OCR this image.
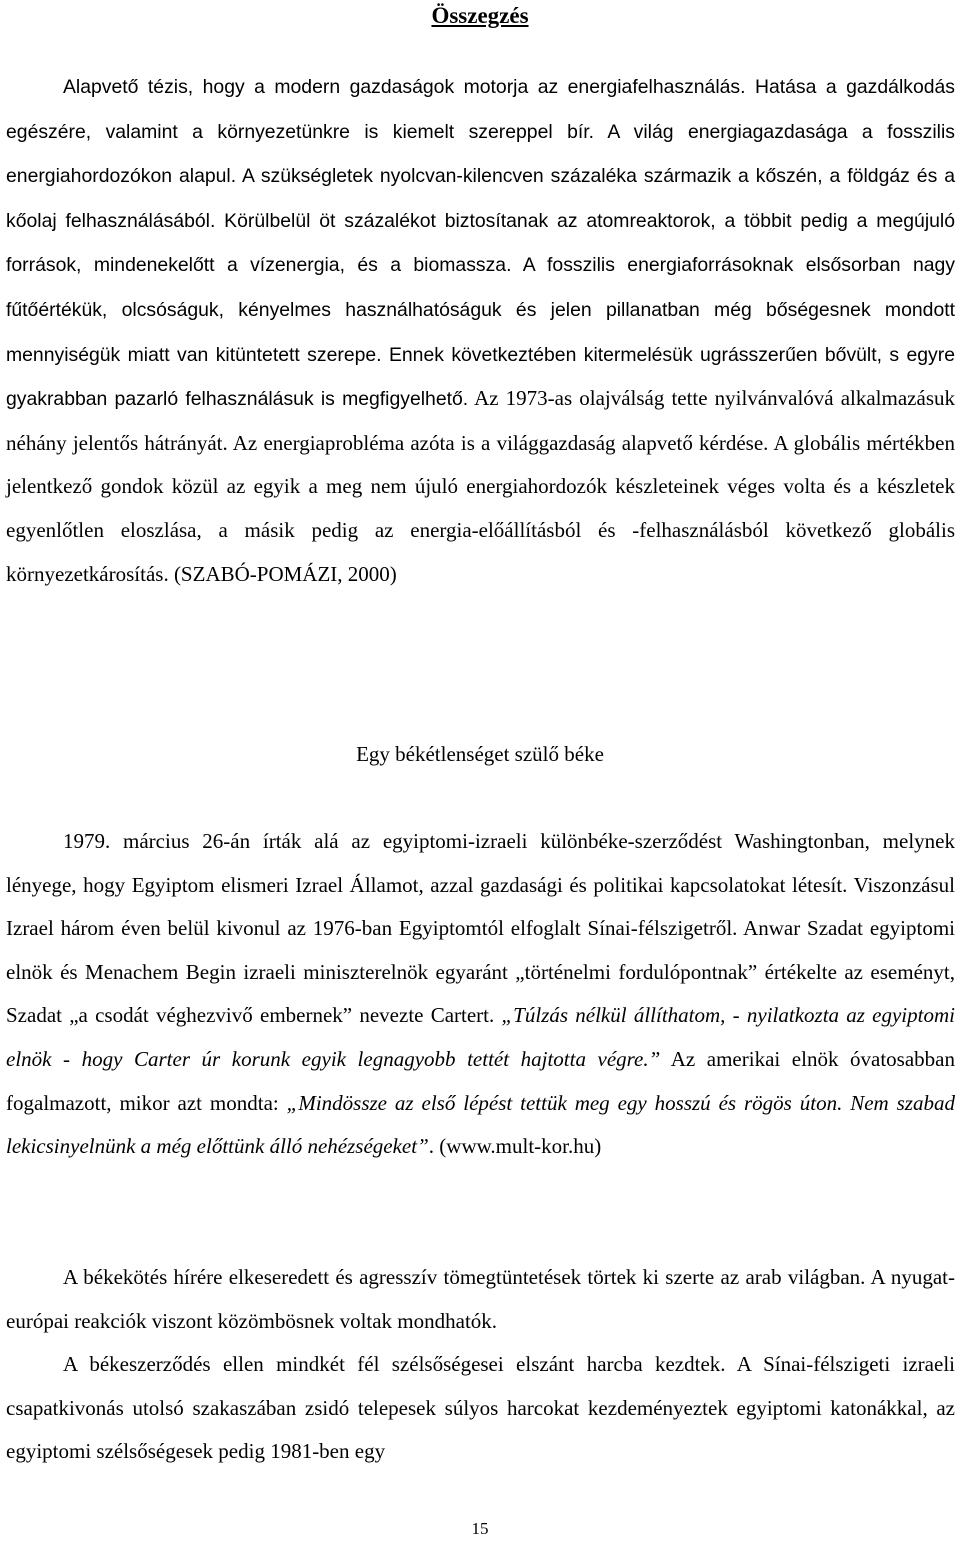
Összegzés

Alapvető tézis, hogy a modern gazdaságok motorja az energiafelhasználás. Hatása a gazdálkodás egészére, valamint a környezetünkre is kiemelt szereppel bír. A világ energiagazdasága a fosszilis energiahordozókon alapul. A szükségletek nyolcvan-kilencven százaléka származik a kőszén, a földgáz és a kőolaj felhasználásából. Körülbelül öt százalékot biztosítanak az atomreaktorok, a többit pedig a megújuló források, mindenekelőtt a vízenergia, és a biomassza. A fosszilis energiaforrásoknak elsősorban nagy fűtőértékük, olcsóságuk, kényelmes használhatóságuk és jelen pillanatban még bőségesnek mondott mennyiségük miatt van kitüntetett szerepe. Ennek következtében kitermelésük ugrásszerűen bővült, s egyre gyakrabban pazarló felhasználásuk is megfigyelhető. Az 1973-as olajválság tette nyilvánvalóvá alkalmazásuk néhány jelentős hátrányát. Az energiaprobléma azóta is a világgazdaság alapvető kérdése. A globális mértékben jelentkező gondok közül az egyik a meg nem újuló energiahordozók készleteinek véges volta és a készletek egyenlőtlen eloszlása, a másik pedig az energia-előállításból és -felhasználásból következő globális környezetkárosítás. (SZABÓ-POMÁZI, 2000)

Egy békétlenséget szülő béke

1979. március 26-án írták alá az egyiptomi-izraeli különbéke-szerződést Washingtonban, melynek lényege, hogy Egyiptom elismeri Izrael Államot, azzal gazdasági és politikai kapcsolatokat létesít. Viszonzásul Izrael három éven belül kivonul az 1976-ban Egyiptomtól elfoglalt Sínai-félszigetről. Anwar Szadat egyiptomi elnök és Menachem Begin izraeli miniszterelnök egyaránt „történelmi fordulópontnak” értékelte az eseményt, Szadat „a csodát véghezvivő embernek” nevezte Cartert. „Túlzás nélkül állíthatom, - nyilatkozta az egyiptomi elnök - hogy Carter úr korunk egyik legnagyobb tettét hajtotta végre.” Az amerikai elnök óvatosabban fogalmazott, mikor azt mondta: „Mindössze az első lépést tettük meg egy hosszú és rögös úton. Nem szabad lekicsinyelnünk a még előttünk álló nehézségeket”. (www.mult-kor.hu)

A békekötés hírére elkeseredett és agresszív tömegtüntetések törtek ki szerte az arab világban. A nyugat-európai reakciók viszont közömbösnek voltak mondhatók.

A békeszerződés ellen mindkét fél szélsőségesei elszánt harcba kezdtek. A Sínai-félszigeti izraeli csapatkivonás utolsó szakaszában zsidó telepesek súlyos harcokat kezdeményeztek egyiptomi katonákkal, az egyiptomi szélsőségesek pedig 1981-ben egy

15
